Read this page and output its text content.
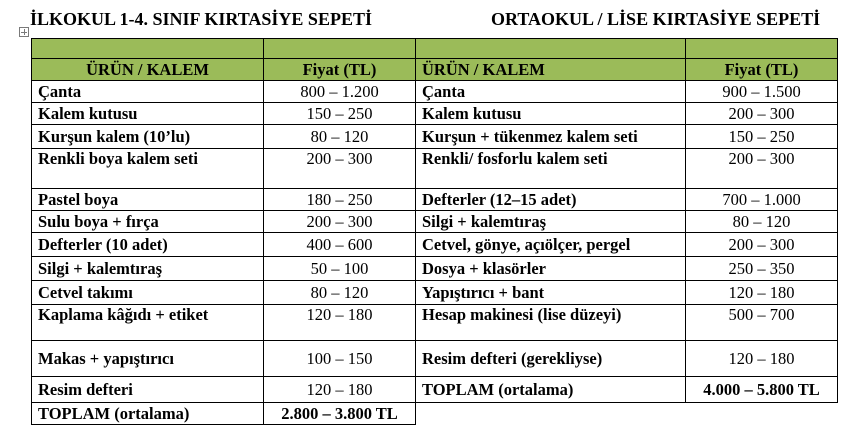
İLKOKUL 1-4. SINIF KIRTASİYE SEPETİ	ORTAOKUL / LİSE KIRTASİYE SEPETİ

ÜRÜN / KALEM	Fiyat (TL)	ÜRÜN / KALEM	Fiyat (TL)
Çanta	800 – 1.200	Çanta	900 – 1.500
Kalem kutusu	150 – 250	Kalem kutusu	200 – 300
Kurşun kalem (10’lu)	80 – 120	Kurşun + tükenmez kalem seti	150 – 250
Renkli boya kalem seti	200 – 300	Renkli/ fosforlu kalem seti	200 – 300
Pastel boya	180 – 250	Defterler (12–15 adet)	700 – 1.000
Sulu boya + fırça	200 – 300	Silgi + kalemtıraş	80 – 120
Defterler (10 adet)	400 – 600	Cetvel, gönye, açıölçer, pergel	200 – 300
Silgi + kalemtıraş	50 – 100	Dosya + klasörler	250 – 350
Cetvel takımı	80 – 120	Yapıştırıcı + bant	120 – 180
Kaplama kâğıdı + etiket	120 – 180	Hesap makinesi (lise düzeyi)	500 – 700
Makas + yapıştırıcı	100 – 150	Resim defteri (gerekliyse)	120 – 180
Resim defteri	120 – 180	TOPLAM (ortalama)	4.000 – 5.800 TL
TOPLAM (ortalama)	2.800 – 3.800 TL		
